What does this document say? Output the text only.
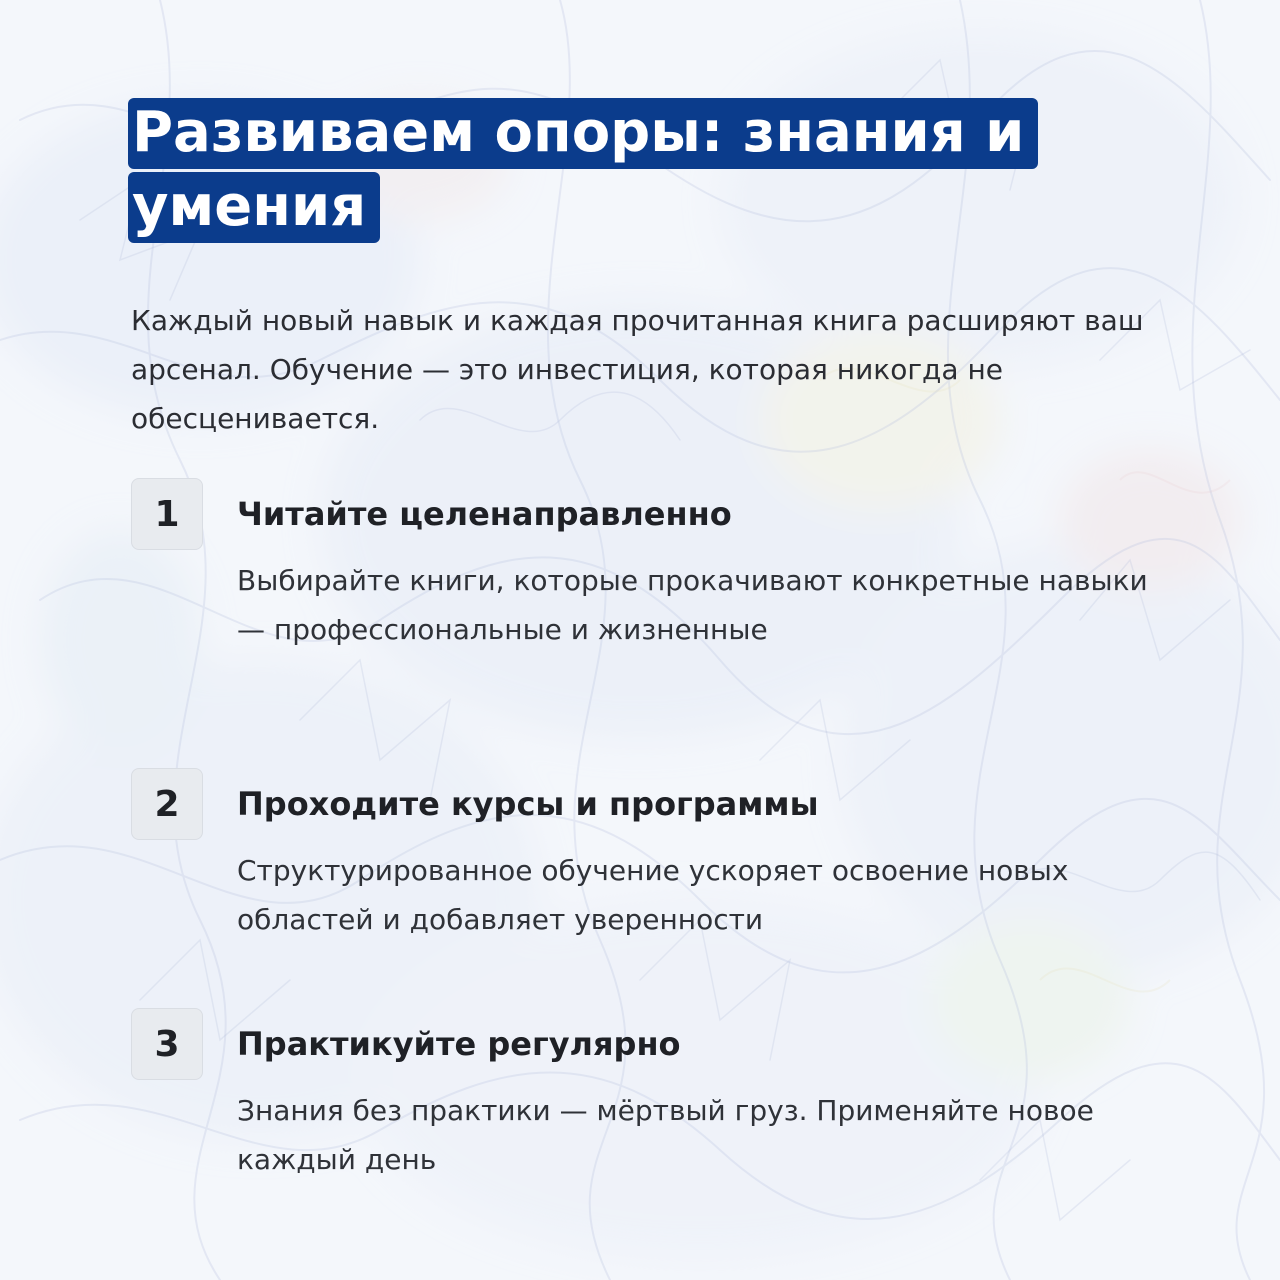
Развиваем опоры: знания и
умения

Каждый новый навык и каждая прочитанная книга расширяют ваш арсенал. Обучение — это инвестиция, которая никогда не обесценивается.

1	Читайте целенаправленно

Выбирайте книги, которые прокачивают конкретные навыки — профессиональные и жизненные

2	Проходите курсы и программы

Структурированное обучение ускоряет освоение новых областей и добавляет уверенности

3	Практикуйте регулярно

Знания без практики — мёртвый груз. Применяйте новое каждый день
